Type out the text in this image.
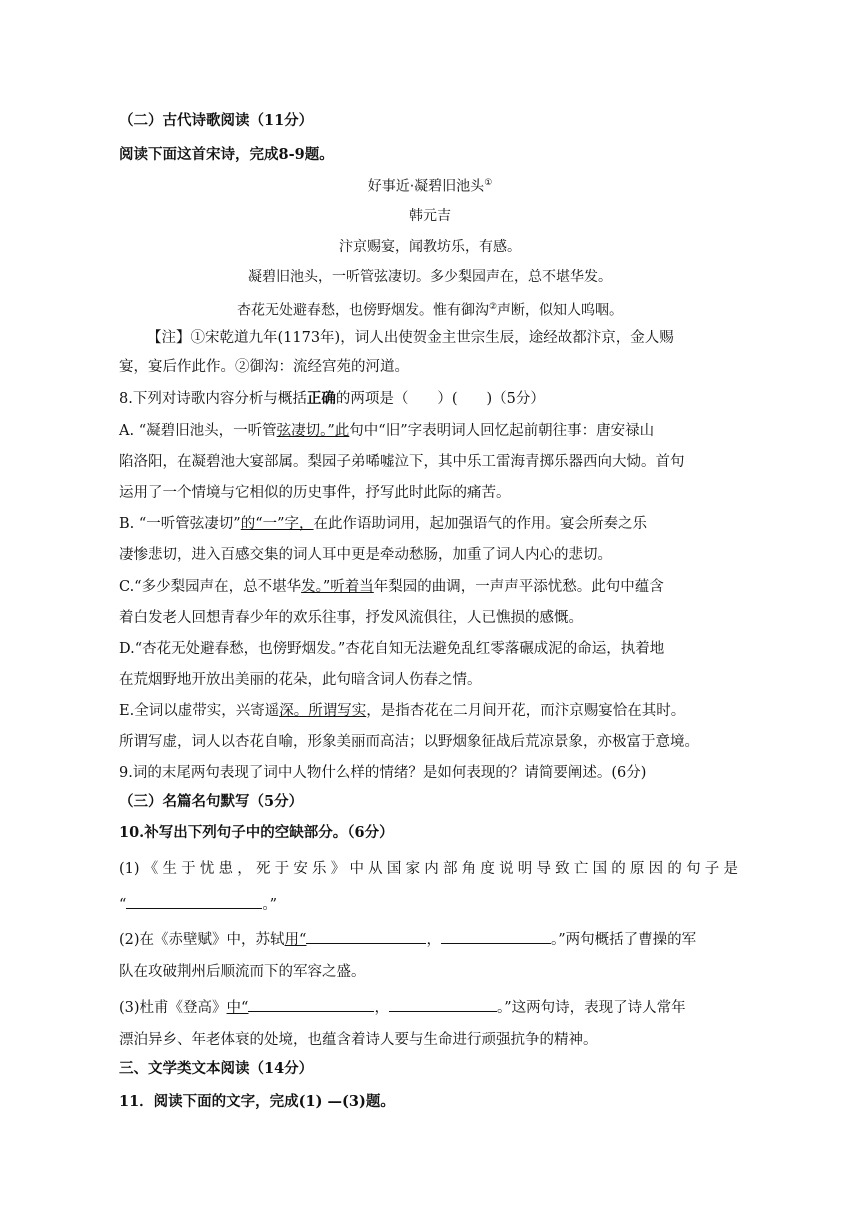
（二）古代诗歌阅读（11分）
阅读下面这首宋诗，完成8-9题。
好事近·凝碧旧池头①
韩元吉
汴京赐宴，闻教坊乐，有感。
凝碧旧池头，一听管弦凄切。多少梨园声在，总不堪华发。
杏花无处避春愁，也傍野烟发。惟有御沟②声断，似知人呜咽。
【注】①宋乾道九年(1173年)，词人出使贺金主世宗生辰，途经故都汴京，金人赐
宴，宴后作此作。②御沟：流经宫苑的河道。
8.下列对诗歌内容分析与概括正确的两项是（　　）(　　)（5分）
A. “凝碧旧池头，一听管弦凄切。”此句中“旧”字表明词人回忆起前朝往事：唐安禄山
陷洛阳，在凝碧池大宴部属。梨园子弟唏嘘泣下，其中乐工雷海青掷乐器西向大恸。首句
运用了一个情境与它相似的历史事件，抒写此时此际的痛苦。
B. “一听管弦凄切”的“一”字，在此作语助词用，起加强语气的作用。宴会所奏之乐
凄惨悲切，进入百感交集的词人耳中更是牵动愁肠，加重了词人内心的悲切。
C.“多少梨园声在，总不堪华发。”听着当年梨园的曲调，一声声平添忧愁。此句中蕴含
着白发老人回想青春少年的欢乐往事，抒发风流俱往，人已憔损的感慨。
D.“杏花无处避春愁，也傍野烟发。”杏花自知无法避免乱红零落碾成泥的命运，执着地
在荒烟野地开放出美丽的花朵，此句暗含词人伤春之情。
E.全词以虚带实，兴寄遥深。所谓写实，是指杏花在二月间开花，而汴京赐宴恰在其时。
所谓写虚，词人以杏花自喻，形象美丽而高洁；以野烟象征战后荒凉景象，亦极富于意境。
9.词的末尾两句表现了词中人物什么样的情绪？是如何表现的？请简要阐述。(6分)
（三）名篇名句默写（5分）
10.补写出下列句子中的空缺部分。（6分）
(1)《生于忧患，死于安乐》中从国家内部角度说明导致亡国的原因的句子是
“	。”
(2)在《赤壁赋》中，苏轼用“	，	。”两句概括了曹操的军
队在攻破荆州后顺流而下的军容之盛。
(3)杜甫《登高》中“	，	。”这两句诗，表现了诗人常年
漂泊异乡、年老体衰的处境，也蕴含着诗人要与生命进行顽强抗争的精神。
三、文学类文本阅读（14分）
11．阅读下面的文字，完成(1) —(3)题。
